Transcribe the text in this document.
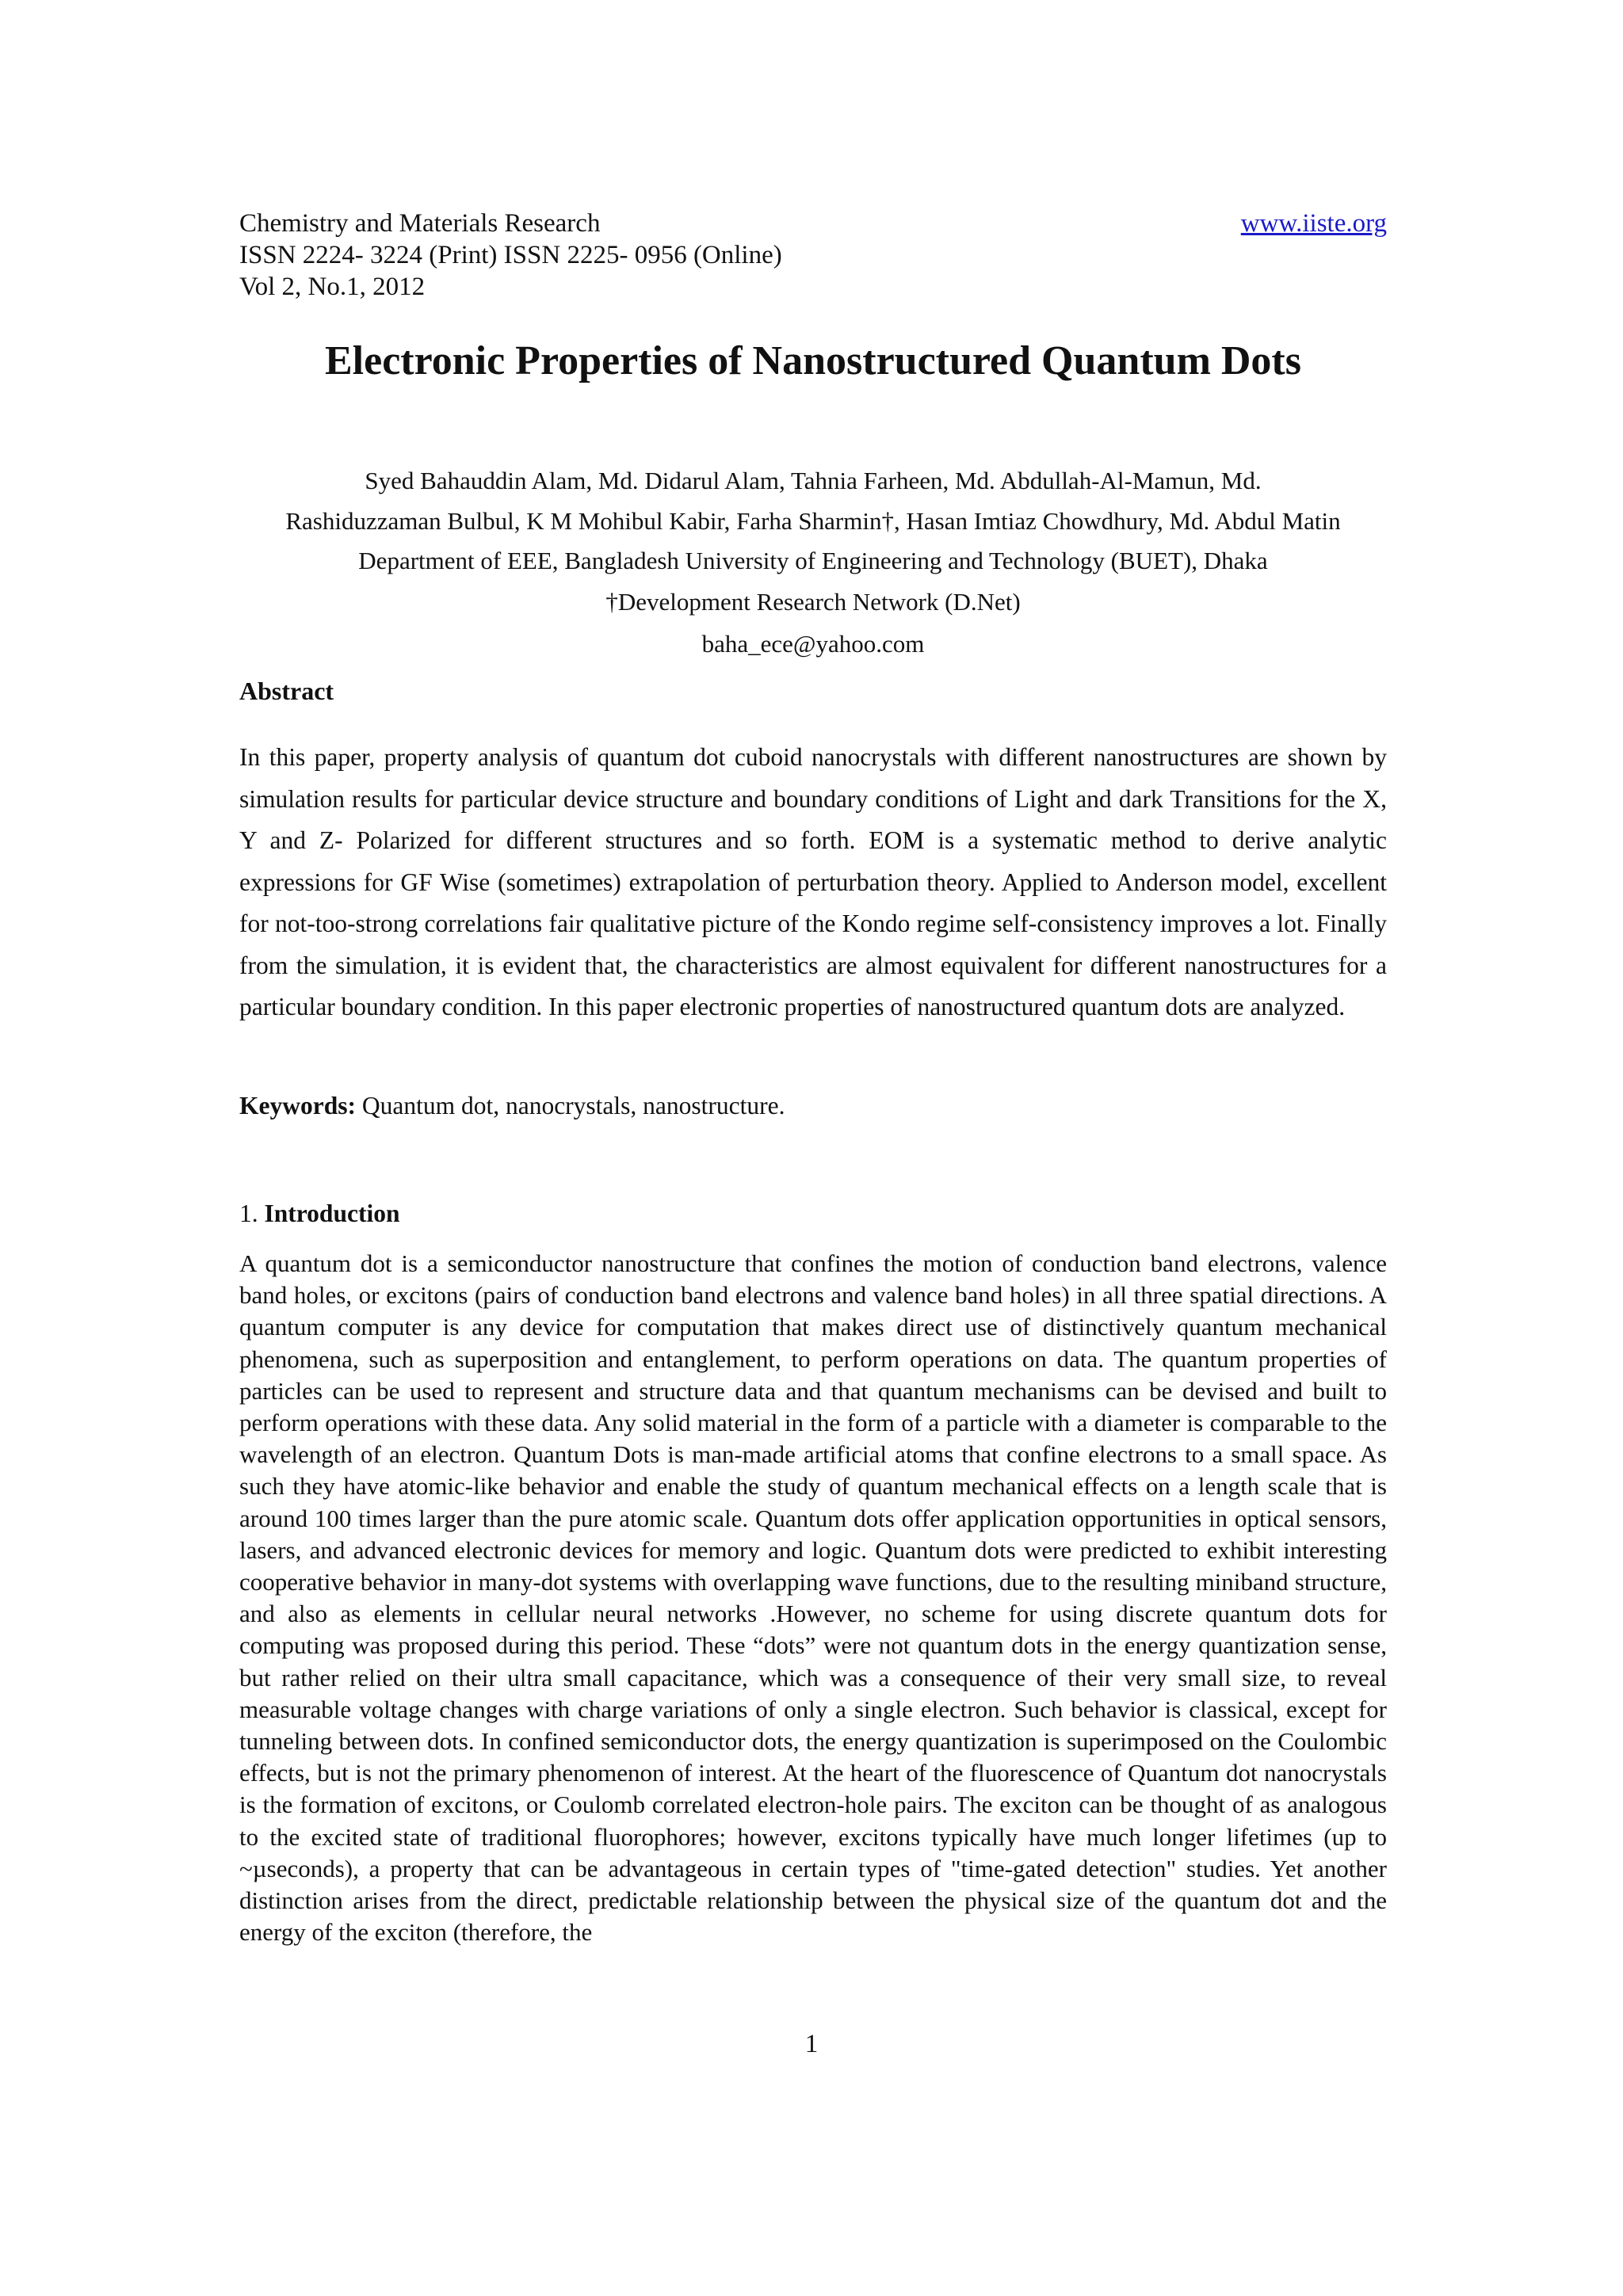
Chemistry and Materials Research	www.iiste.org
ISSN 2224- 3224 (Print) ISSN 2225- 0956 (Online)
Vol 2, No.1, 2012
Electronic Properties of Nanostructured Quantum Dots
Syed Bahauddin Alam, Md. Didarul Alam, Tahnia Farheen, Md. Abdullah-Al-Mamun, Md.
Rashiduzzaman Bulbul, K M Mohibul Kabir, Farha Sharmin†, Hasan Imtiaz Chowdhury, Md. Abdul Matin
Department of EEE, Bangladesh University of Engineering and Technology (BUET), Dhaka
†Development Research Network (D.Net)
baha_ece@yahoo.com
Abstract

In this paper, property analysis of quantum dot cuboid nanocrystals with different nanostructures are shown by simulation results for particular device structure and boundary conditions of Light and dark Transitions for the X, Y and Z- Polarized for different structures and so forth. EOM is a systematic method to derive analytic expressions for GF Wise (sometimes) extrapolation of perturbation theory. Applied to Anderson model, excellent for not-too-strong correlations fair qualitative picture of the Kondo regime self-consistency improves a lot. Finally from the simulation, it is evident that, the characteristics are almost equivalent for different nanostructures for a particular boundary condition. In this paper electronic properties of nanostructured quantum dots are analyzed.

Keywords: Quantum dot, nanocrystals, nanostructure.
1. Introduction

A quantum dot is a semiconductor nanostructure that confines the motion of conduction band electrons, valence band holes, or excitons (pairs of conduction band electrons and valence band holes) in all three spatial directions. A quantum computer is any device for computation that makes direct use of distinctively quantum mechanical phenomena, such as superposition and entanglement, to perform operations on data. The quantum properties of particles can be used to represent and structure data and that quantum mechanisms can be devised and built to perform operations with these data. Any solid material in the form of a particle with a diameter is comparable to the wavelength of an electron. Quantum Dots is man-made artificial atoms that confine electrons to a small space. As such they have atomic-like behavior and enable the study of quantum mechanical effects on a length scale that is around 100 times larger than the pure atomic scale. Quantum dots offer application opportunities in optical sensors, lasers, and advanced electronic devices for memory and logic. Quantum dots were predicted to exhibit interesting cooperative behavior in many-dot systems with overlapping wave functions, due to the resulting miniband structure, and also as elements in cellular neural networks .However, no scheme for using discrete quantum dots for computing was proposed during this period. These “dots” were not quantum dots in the energy quantization sense, but rather relied on their ultra small capacitance, which was a consequence of their very small size, to reveal measurable voltage changes with charge variations of only a single electron. Such behavior is classical, except for tunneling between dots. In confined semiconductor dots, the energy quantization is superimposed on the Coulombic effects, but is not the primary phenomenon of interest. At the heart of the fluorescence of Quantum dot nanocrystals is the formation of excitons, or Coulomb correlated electron-hole pairs. The exciton can be thought of as analogous to the excited state of traditional fluorophores; however, excitons typically have much longer lifetimes (up to ~µseconds), a property that can be advantageous in certain types of "time-gated detection" studies. Yet another distinction arises from the direct, predictable relationship between the physical size of the quantum dot and the energy of the exciton (therefore, the

1
